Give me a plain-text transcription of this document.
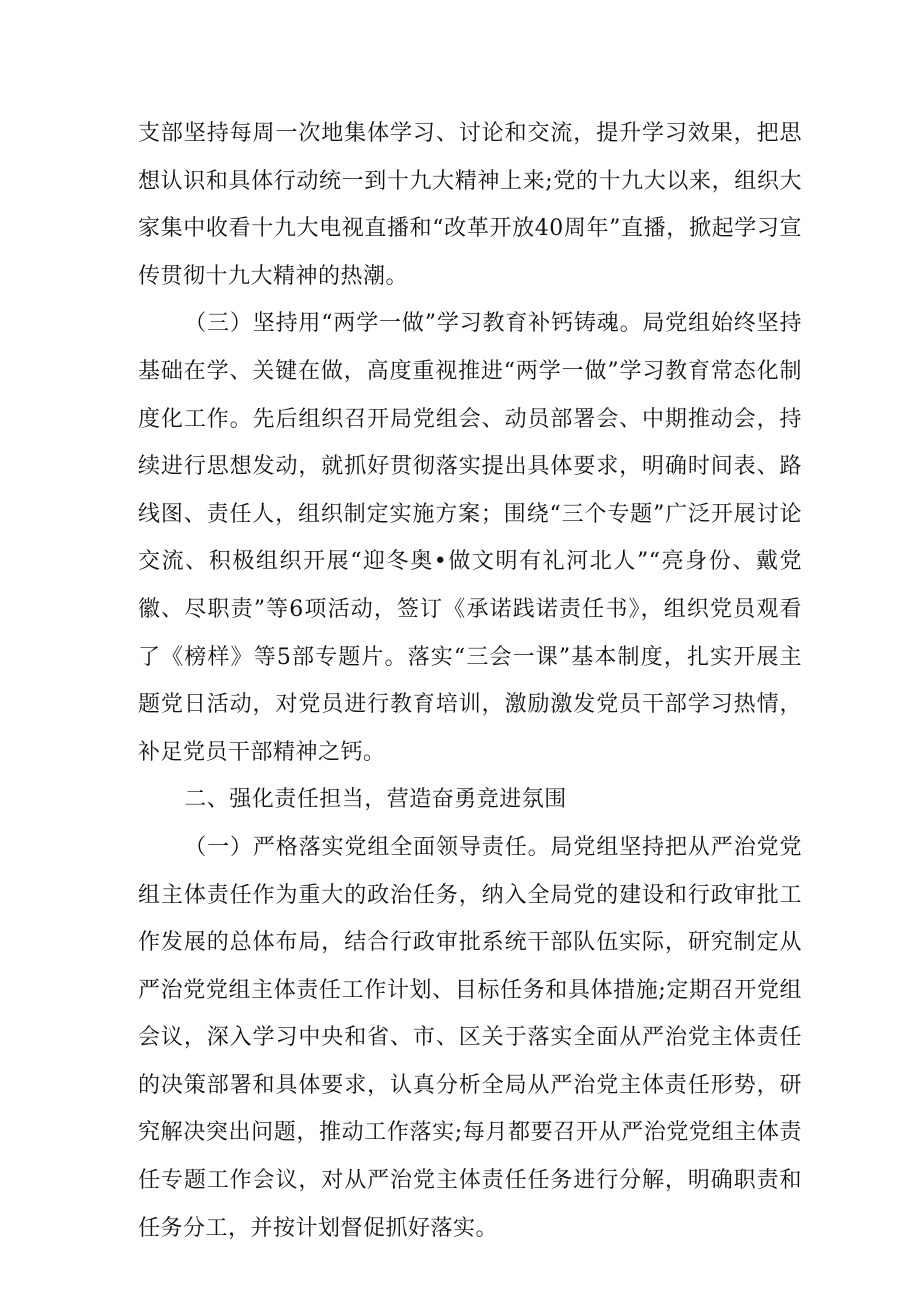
支部坚持每周一次地集体学习、讨论和交流，提升学习效果，把思想认识和具体行动统一到十九大精神上来;党的十九大以来，组织大家集中收看十九大电视直播和“改革开放40周年”直播，掀起学习宣传贯彻十九大精神的热潮。

（三）坚持用“两学一做”学习教育补钙铸魂。局党组始终坚持基础在学、关键在做，高度重视推进“两学一做”学习教育常态化制度化工作。先后组织召开局党组会、动员部署会、中期推动会，持续进行思想发动，就抓好贯彻落实提出具体要求，明确时间表、路线图、责任人，组织制定实施方案；围绕“三个专题”广泛开展讨论交流、积极组织开展“迎冬奥•做文明有礼河北人”“亮身份、戴党徽、尽职责”等6项活动，签订《承诺践诺责任书》，组织党员观看了《榜样》等5部专题片。落实“三会一课”基本制度，扎实开展主题党日活动，对党员进行教育培训，激励激发党员干部学习热情，补足党员干部精神之钙。

二、强化责任担当，营造奋勇竞进氛围

（一）严格落实党组全面领导责任。局党组坚持把从严治党党组主体责任作为重大的政治任务，纳入全局党的建设和行政审批工作发展的总体布局，结合行政审批系统干部队伍实际，研究制定从严治党党组主体责任工作计划、目标任务和具体措施;定期召开党组会议，深入学习中央和省、市、区关于落实全面从严治党主体责任的决策部署和具体要求，认真分析全局从严治党主体责任形势，研究解决突出问题，推动工作落实;每月都要召开从严治党党组主体责任专题工作会议，对从严治党主体责任任务进行分解，明确职责和任务分工，并按计划督促抓好落实。
